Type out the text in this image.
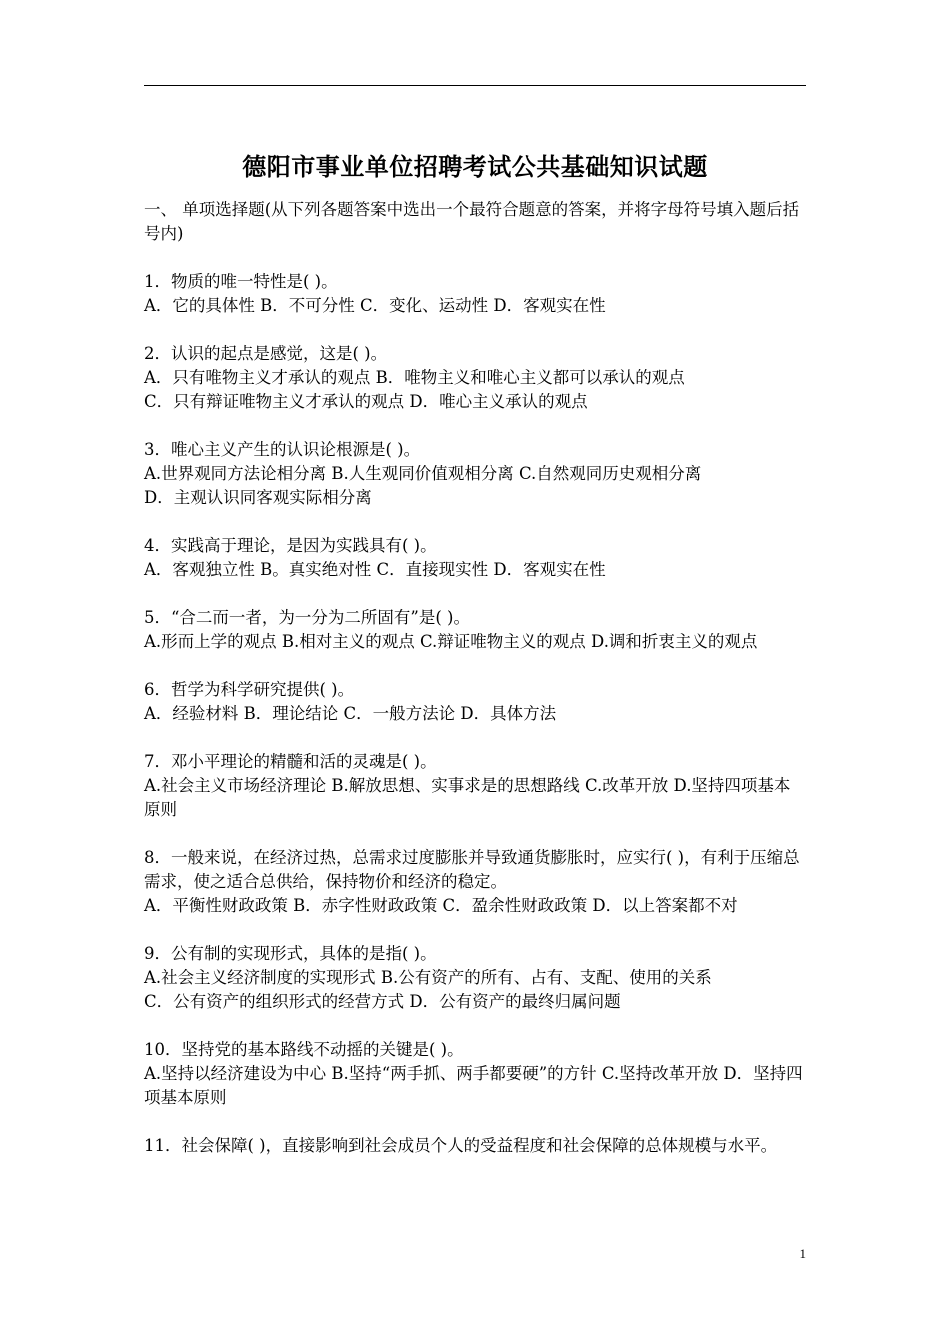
德阳市事业单位招聘考试公共基础知识试题

一、 单项选择题(从下列各题答案中选出一个最符合题意的答案，并将字母符号填入题后括号内)

1．物质的唯一特性是( )。

A．它的具体性 B．不可分性 C．变化、运动性 D．客观实在性

2．认识的起点是感觉，这是( )。

A．只有唯物主义才承认的观点 B．唯物主义和唯心主义都可以承认的观点

C．只有辩证唯物主义才承认的观点 D．唯心主义承认的观点

3．唯心主义产生的认识论根源是( )。

A.世界观同方法论相分离 B.人生观同价值观相分离 C.自然观同历史观相分离

D．主观认识同客观实际相分离

4．实践高于理论，是因为实践具有( )。

A．客观独立性 B。真实绝对性 C．直接现实性 D．客观实在性

5．“合二而一者，为一分为二所固有”是( )。

A.形而上学的观点 B.相对主义的观点 C.辩证唯物主义的观点 D.调和折衷主义的观点

6．哲学为科学研究提供( )。

A．经验材料 B．理论结论 C．一般方法论 D．具体方法

7．邓小平理论的精髓和活的灵魂是( )。

A.社会主义市场经济理论 B.解放思想、实事求是的思想路线 C.改革开放 D.坚持四项基本原则

8．一般来说，在经济过热，总需求过度膨胀并导致通货膨胀时，应实行( )，有利于压缩总需求，使之适合总供给，保持物价和经济的稳定。

A．平衡性财政政策 B．赤字性财政政策 C．盈余性财政政策 D．以上答案都不对

9．公有制的实现形式，具体的是指( )。

A.社会主义经济制度的实现形式 B.公有资产的所有、占有、支配、使用的关系

C．公有资产的组织形式的经营方式 D．公有资产的最终归属问题

10．坚持党的基本路线不动摇的关键是( )。

A.坚持以经济建设为中心 B.坚持“两手抓、两手都要硬”的方针 C.坚持改革开放 D．坚持四项基本原则

11．社会保障( )，直接影响到社会成员个人的受益程度和社会保障的总体规模与水平。

1
